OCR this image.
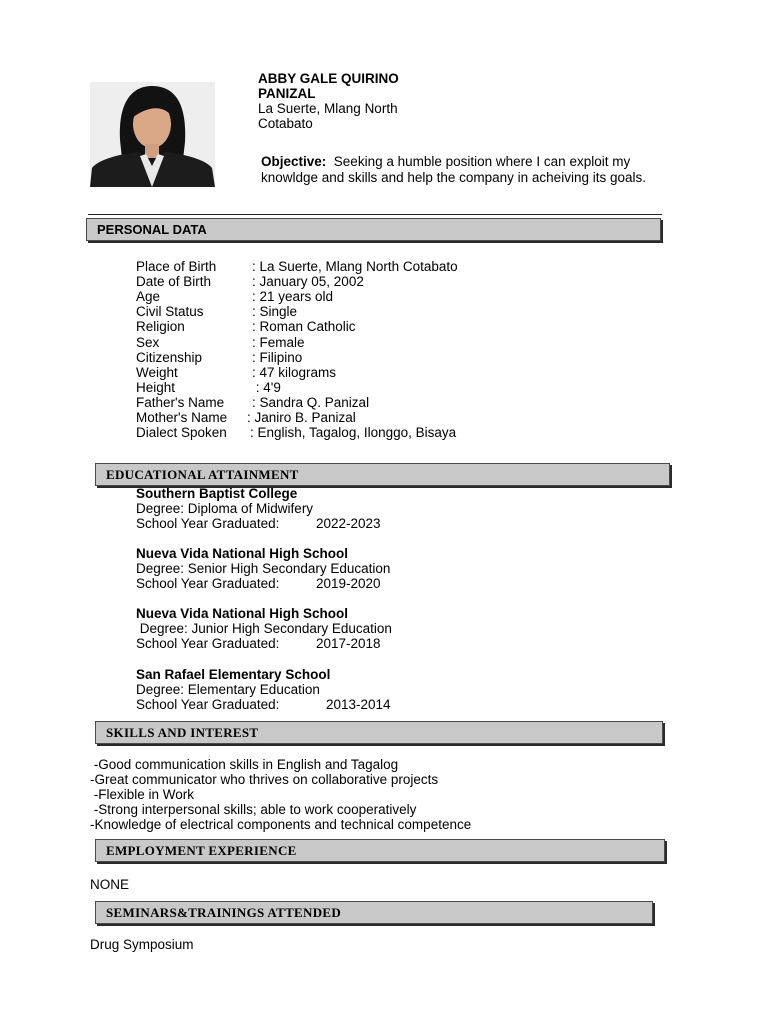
ABBY GALE QUIRINO
PANIZAL
La Suerte, Mlang North
Cotabato
Objective: Seeking a humble position where I can exploit my knowldge and skills and help the company in acheiving its goals.
PERSONAL DATA
Place of Birth	: La Suerte, Mlang North Cotabato
Date of Birth	: January 05, 2002
Age	: 21 years old
Civil Status	: Single
Religion	: Roman Catholic
Sex	: Female
Citizenship	: Filipino
Weight	: 47 kilograms
Height	: 4'9
Father's Name : Sandra Q. Panizal
Mother's Name : Janiro B. Panizal
Dialect Spoken : English, Tagalog, Ilonggo, Bisaya
EDUCATIONAL ATTAINMENT
Southern Baptist College
Degree: Diploma of Midwifery
School Year Graduated:	2022-2023
Nueva Vida National High School
Degree: Senior High Secondary Education
School Year Graduated:	2019-2020
Nueva Vida National High School
Degree: Junior High Secondary Education
School Year Graduated:	2017-2018
San Rafael Elementary School
Degree: Elementary Education
School Year Graduated:	2013-2014
SKILLS AND INTEREST
-Good communication skills in English and Tagalog
-Great communicator who thrives on collaborative projects
-Flexible in Work
-Strong interpersonal skills; able to work cooperatively
-Knowledge of electrical components and technical competence
EMPLOYMENT EXPERIENCE
NONE
SEMINARS&TRAININGS ATTENDED
Drug Symposium
